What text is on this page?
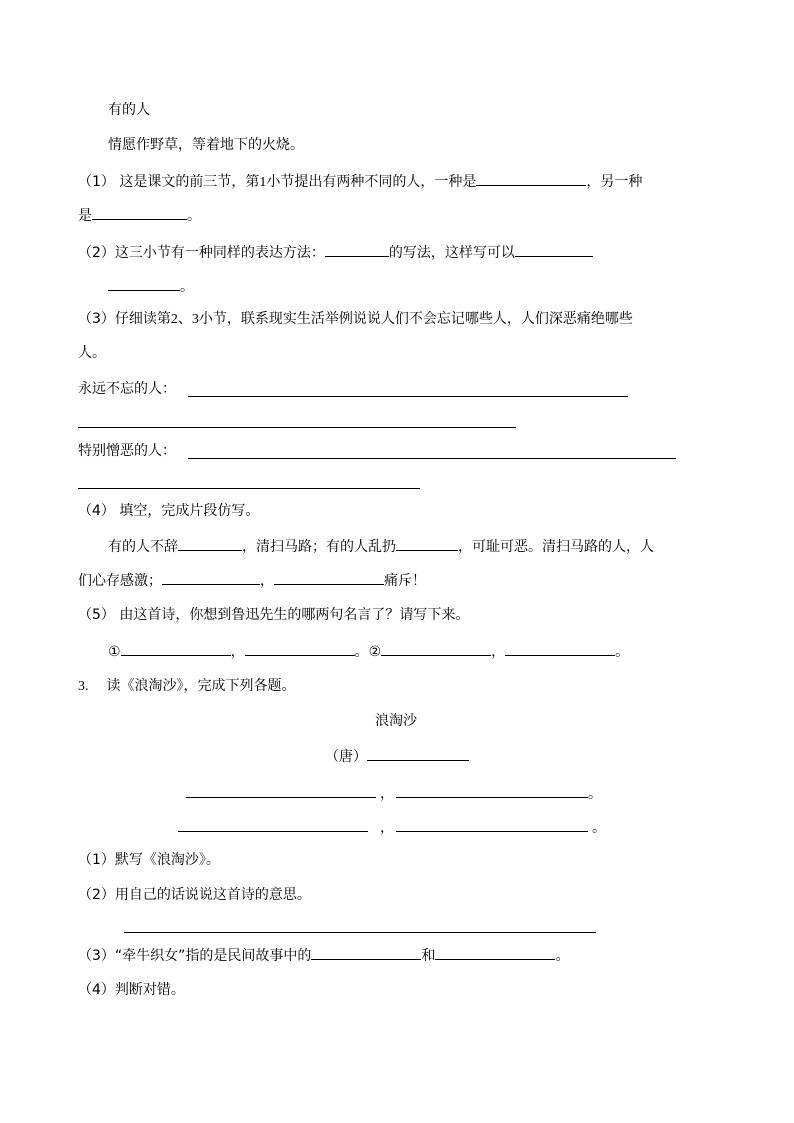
有的人
情愿作野草，等着地下的火烧。
（1） 这是课文的前三节，第1小节提出有两种不同的人，一种是	，另一种
是	。
（2）这三小节有一种同样的表达方法：	的写法，这样写可以
。
（3）仔细读第2、3小节，联系现实生活举例说说人们不会忘记哪些人，人们深恶痛绝哪些
人。
永远不忘的人：
特别憎恶的人：
（4） 填空，完成片段仿写。
有的人不辞	，清扫马路；有的人乱扔	，可耻可恶。清扫马路的人，人
们心存感激；	，	痛斥！
（5） 由这首诗，你想到鲁迅先生的哪两句名言了？请写下来。
①	，	。②	，	。
3. 读《浪淘沙》，完成下列各题。
浪淘沙
（唐）
，	。
，	。
（1）默写《浪淘沙》。
（2）用自己的话说说这首诗的意思。
（3）“牵牛织女”指的是民间故事中的	和	。
（4）判断对错。
